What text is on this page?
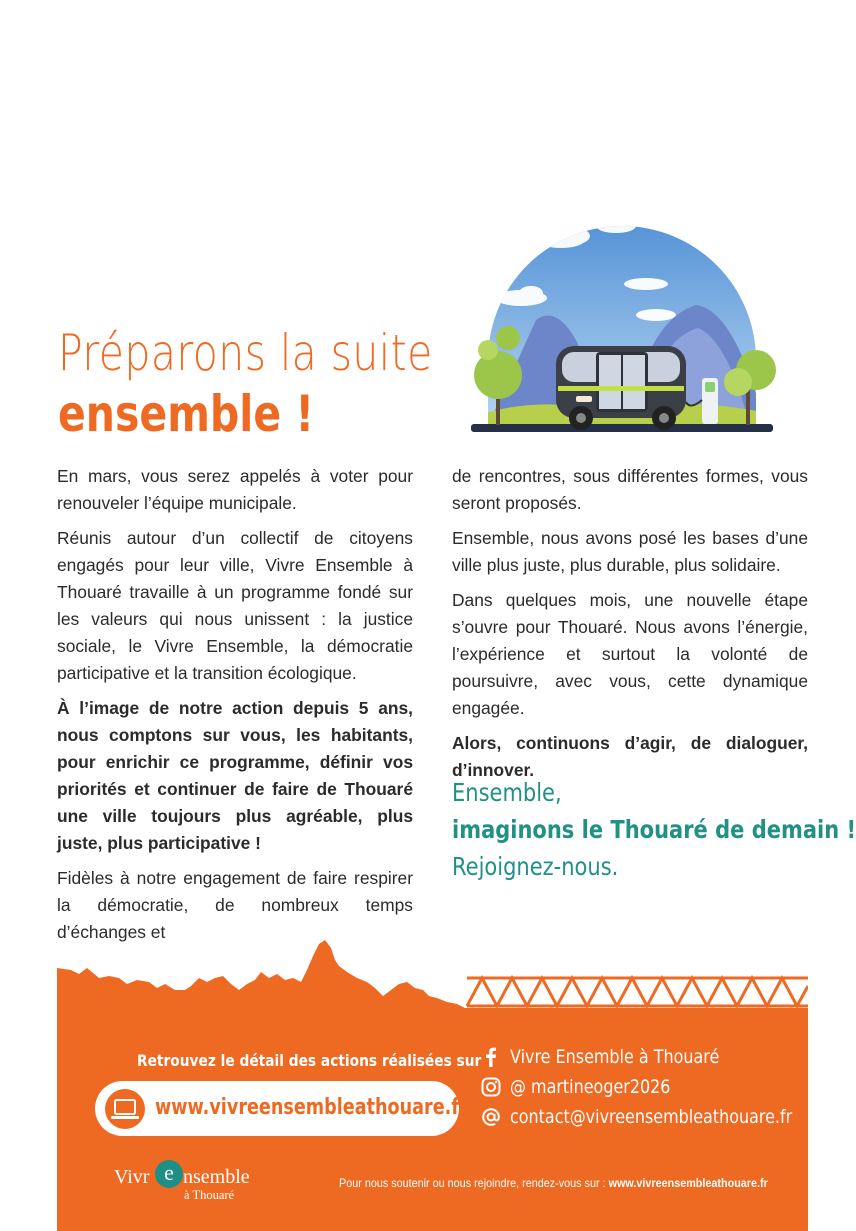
Préparons la suite
ensemble !

En mars, vous serez appelés à voter pour renouveler l’équipe municipale.

Réunis autour d’un collectif de citoyens engagés pour leur ville, Vivre Ensemble à Thouaré travaille à un programme fondé sur les valeurs qui nous unissent : la justice sociale, le Vivre Ensemble, la démocratie participative et la transition écologique.

À l’image de notre action depuis 5 ans, nous comptons sur vous, les habitants, pour enrichir ce programme, définir vos priorités et continuer de faire de Thouaré une ville toujours plus agréable, plus juste, plus participative !

Fidèles à notre engagement de faire respirer la démocratie, de nombreux temps d’échanges et

de rencontres, sous différentes formes, vous seront proposés.

Ensemble, nous avons posé les bases d’une ville plus juste, plus durable, plus solidaire.

Dans quelques mois, une nouvelle étape s’ouvre pour Thouaré. Nous avons l’énergie, l’expérience et surtout la volonté de poursuivre, avec vous, cette dynamique engagée.

Alors, continuons d’agir, de dialoguer, d’innover.

Ensemble,
imaginons le Thouaré de demain !
Rejoignez-nous.
Retrouvez le détail des actions réalisées sur
www.vivreensembleathouare.fr
Vivre Ensemble à Thouaré
@ martineoger2026
contact@vivreensembleathouare.fr
Vivr e nsemble
à Thouaré
Pour nous soutenir ou nous rejoindre, rendez-vous sur : www.vivreensembleathouare.fr
